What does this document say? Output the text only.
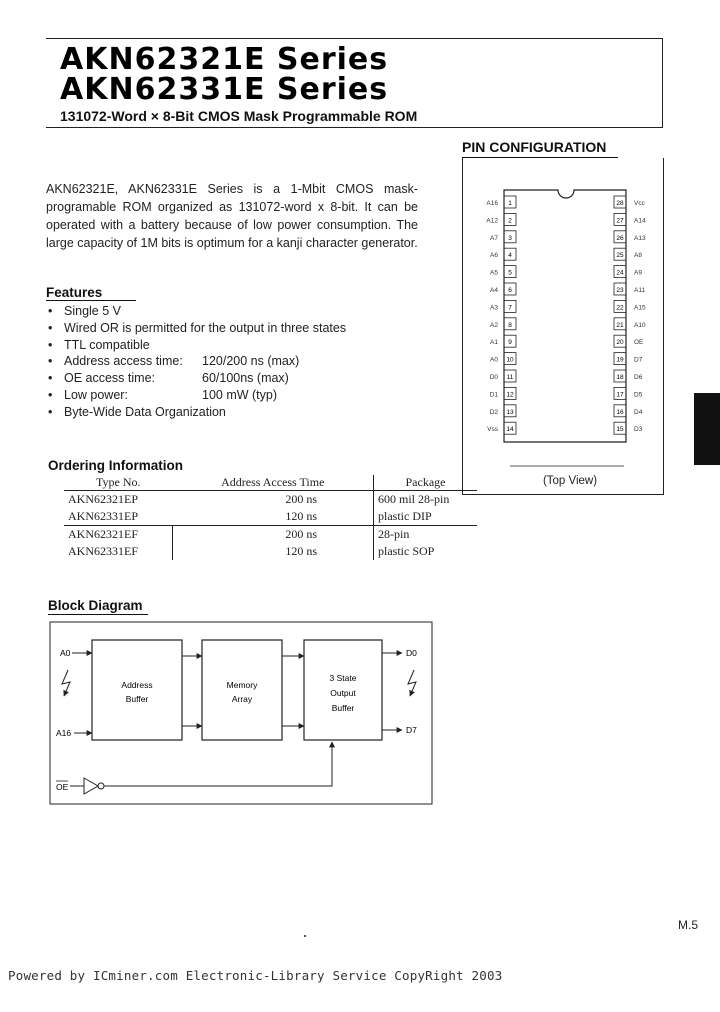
AKN62321E Series
AKN62331E Series
131072-Word × 8-Bit CMOS Mask Programmable ROM
PIN CONFIGURATION
1
A16
2
A12
3
A7
4
A6
5
A5
6
A4
7
A3
8
A2
9
A1
10
A0
11
D0
12
D1
13
D2
14
Vss
28 Vcc
27 A14
26 A13
25 A8
24 A9
23 A11
22 A15
21 A10
20 OE
19 D7
18 D6
17 D5
16 D4
15 D3
(Top View)
AKN62321E, AKN62331E Series is a 1-Mbit CMOS mask-programable ROM organized as 131072-word x 8-bit. It can be operated with a battery because of low power consumption. The large capacity of 1M bits is optimum for a kanji character generator.
Features
• Single 5 V
• Wired OR is permitted for the output in three states
• TTL compatible
• Address access time:	120/200 ns (max)
• OE access time:	60/100ns (max)
• Low power:	100 mW (typ)
• Byte-Wide Data Organization
Ordering Information
Type No.	Address Access Time	Package
AKN62321EP	200 ns	600 mil 28-pin
AKN62331EP	120 ns	plastic DIP
AKN62321EF	200 ns	28-pin
AKN62331EF	120 ns	plastic SOP
Block Diagram
Address
Buffer
Memory
Array
3 State
Output
Buffer
A0
A16
D0
D7
OE
M.5
Powered by ICminer.com Electronic-Library Service CopyRight 2003
